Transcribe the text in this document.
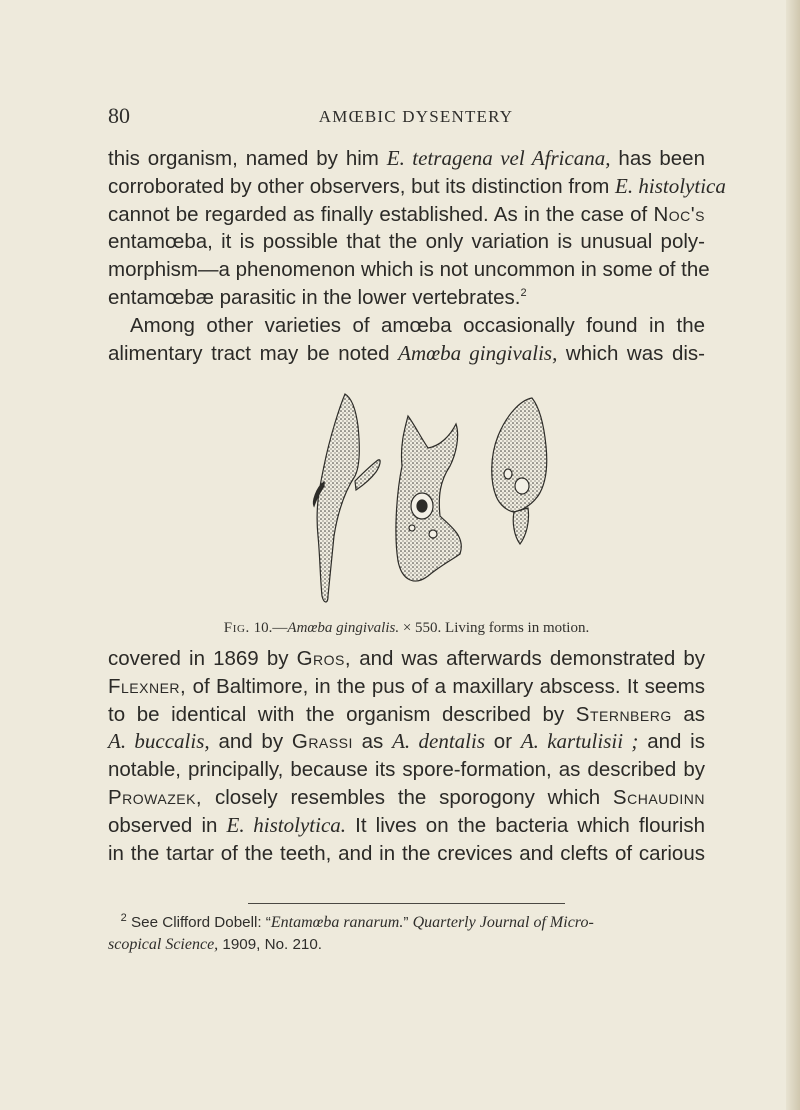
80	AMŒBIC DYSENTERY

this organism, named by him E. tetragena vel Africana, has been
corroborated by other observers, but its distinction from E. histolytica
cannot be regarded as finally established. As in the case of Noc's
entamœba, it is possible that the only variation is unusual poly-
morphism—a phenomenon which is not uncommon in some of the
entamœbæ parasitic in the lower vertebrates.$^2$
Among other varieties of amœba occasionally found in the
alimentary tract may be noted Amœba gingivalis, which was dis-

Fig. 10.—Amœba gingivalis. × 550. Living forms in motion.

covered in 1869 by Gros, and was afterwards demonstrated by
Flexner, of Baltimore, in the pus of a maxillary abscess. It seems
to be identical with the organism described by Sternberg as
A. buccalis, and by Grassi as A. dentalis or A. kartulisii ; and is
notable, principally, because its spore-formation, as described by
Prowazek, closely resembles the sporogony which Schaudinn
observed in E. histolytica. It lives on the bacteria which flourish
in the tartar of the teeth, and in the crevices and clefts of carious

$^2$ See Clifford Dobell: “Entamœba ranarum.” Quarterly Journal of Micro-
scopical Science, 1909, No. 210.
